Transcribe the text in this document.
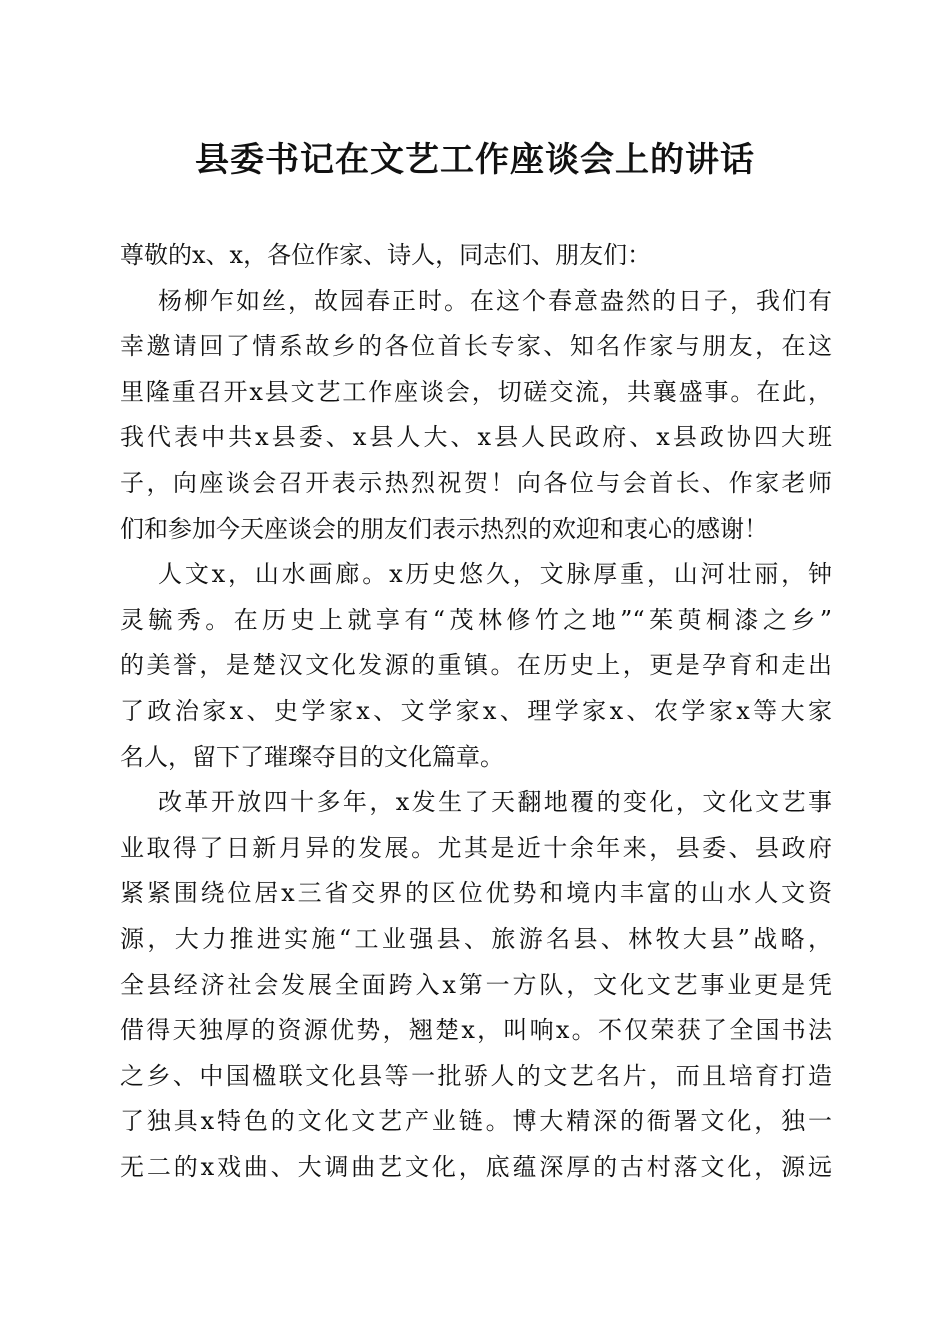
县委书记在文艺工作座谈会上的讲话
尊敬的x、x，各位作家、诗人，同志们、朋友们：
杨柳乍如丝，故园春正时。在这个春意盎然的日子，我们有
幸邀请回了情系故乡的各位首长专家、知名作家与朋友，在这
里隆重召开x县文艺工作座谈会，切磋交流，共襄盛事。在此，
我代表中共x县委、x县人大、x县人民政府、x县政协四大班
子，向座谈会召开表示热烈祝贺！向各位与会首长、作家老师
们和参加今天座谈会的朋友们表示热烈的欢迎和衷心的感谢！
人文x，山水画廊。x历史悠久，文脉厚重，山河壮丽，钟
灵毓秀。在历史上就享有“茂林修竹之地”“茱萸桐漆之乡”
的美誉，是楚汉文化发源的重镇。在历史上，更是孕育和走出
了政治家x、史学家x、文学家x、理学家x、农学家x等大家
名人，留下了璀璨夺目的文化篇章。
改革开放四十多年，x发生了天翻地覆的变化，文化文艺事
业取得了日新月异的发展。尤其是近十余年来，县委、县政府
紧紧围绕位居x三省交界的区位优势和境内丰富的山水人文资
源，大力推进实施“工业强县、旅游名县、林牧大县”战略，
全县经济社会发展全面跨入x第一方队，文化文艺事业更是凭
借得天独厚的资源优势，翘楚x，叫响x。不仅荣获了全国书法
之乡、中国楹联文化县等一批骄人的文艺名片，而且培育打造
了独具x特色的文化文艺产业链。博大精深的衙署文化，独一
无二的x戏曲、大调曲艺文化，底蕴深厚的古村落文化，源远
